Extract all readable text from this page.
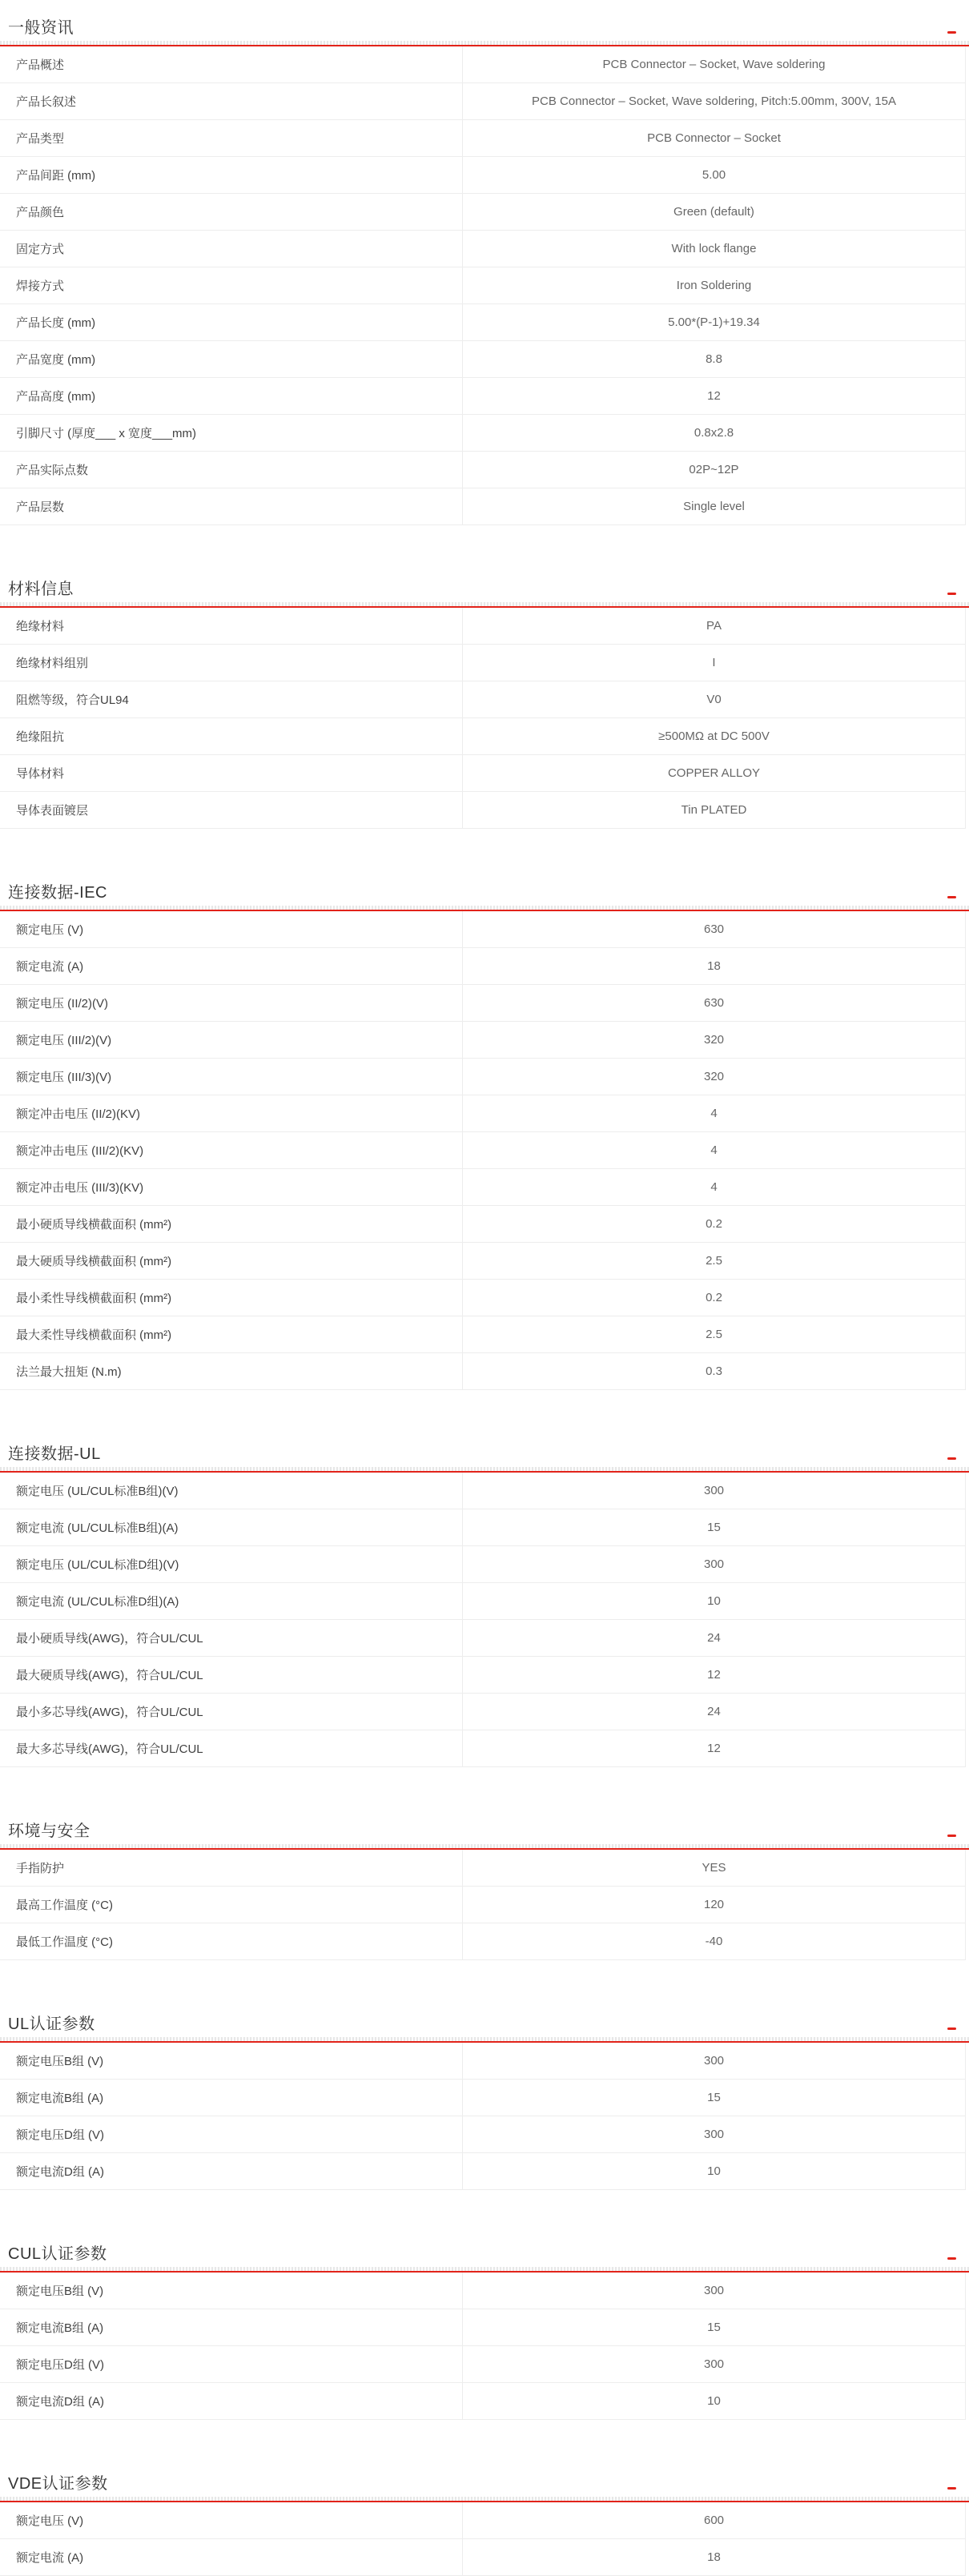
一般资讯
产品概述	PCB Connector – Socket, Wave soldering
产品长叙述	PCB Connector – Socket, Wave soldering, Pitch:5.00mm, 300V, 15A
产品类型	PCB Connector – Socket
产品间距 (mm)	5.00
产品颜色	Green (default)
固定方式	With lock flange
焊接方式	Iron Soldering
产品长度 (mm)	5.00*(P-1)+19.34
产品宽度 (mm)	8.8
产品高度 (mm)	12
引脚尺寸 (厚度___ x 宽度___mm)	0.8x2.8
产品实际点数	02P~12P
产品层数	Single level
材料信息
绝缘材料	PA
绝缘材料组别	I
阻燃等级，符合UL94	V0
绝缘阻抗	≥500MΩ at DC 500V
导体材料	COPPER ALLOY
导体表面镀层	Tin PLATED
连接数据-IEC
额定电压 (V)	630
额定电流 (A)	18
额定电压 (II/2)(V)	630
额定电压 (III/2)(V)	320
额定电压 (III/3)(V)	320
额定冲击电压 (II/2)(KV)	4
额定冲击电压 (III/2)(KV)	4
额定冲击电压 (III/3)(KV)	4
最小硬质导线横截面积 (mm²)	0.2
最大硬质导线横截面积 (mm²)	2.5
最小柔性导线横截面积 (mm²)	0.2
最大柔性导线横截面积 (mm²)	2.5
法兰最大扭矩 (N.m)	0.3
连接数据-UL
额定电压 (UL/CUL标准B组)(V)	300
额定电流 (UL/CUL标准B组)(A)	15
额定电压 (UL/CUL标准D组)(V)	300
额定电流 (UL/CUL标准D组)(A)	10
最小硬质导线(AWG)，符合UL/CUL	24
最大硬质导线(AWG)，符合UL/CUL	12
最小多芯导线(AWG)，符合UL/CUL	24
最大多芯导线(AWG)，符合UL/CUL	12
环境与安全
手指防护	YES
最高工作温度 (°C)	120
最低工作温度 (°C)	-40
UL认证参数
额定电压B组 (V)	300
额定电流B组 (A)	15
额定电压D组 (V)	300
额定电流D组 (A)	10
CUL认证参数
额定电压B组 (V)	300
额定电流B组 (A)	15
额定电压D组 (V)	300
额定电流D组 (A)	10
VDE认证参数
额定电压 (V)	600
额定电流 (A)	18
